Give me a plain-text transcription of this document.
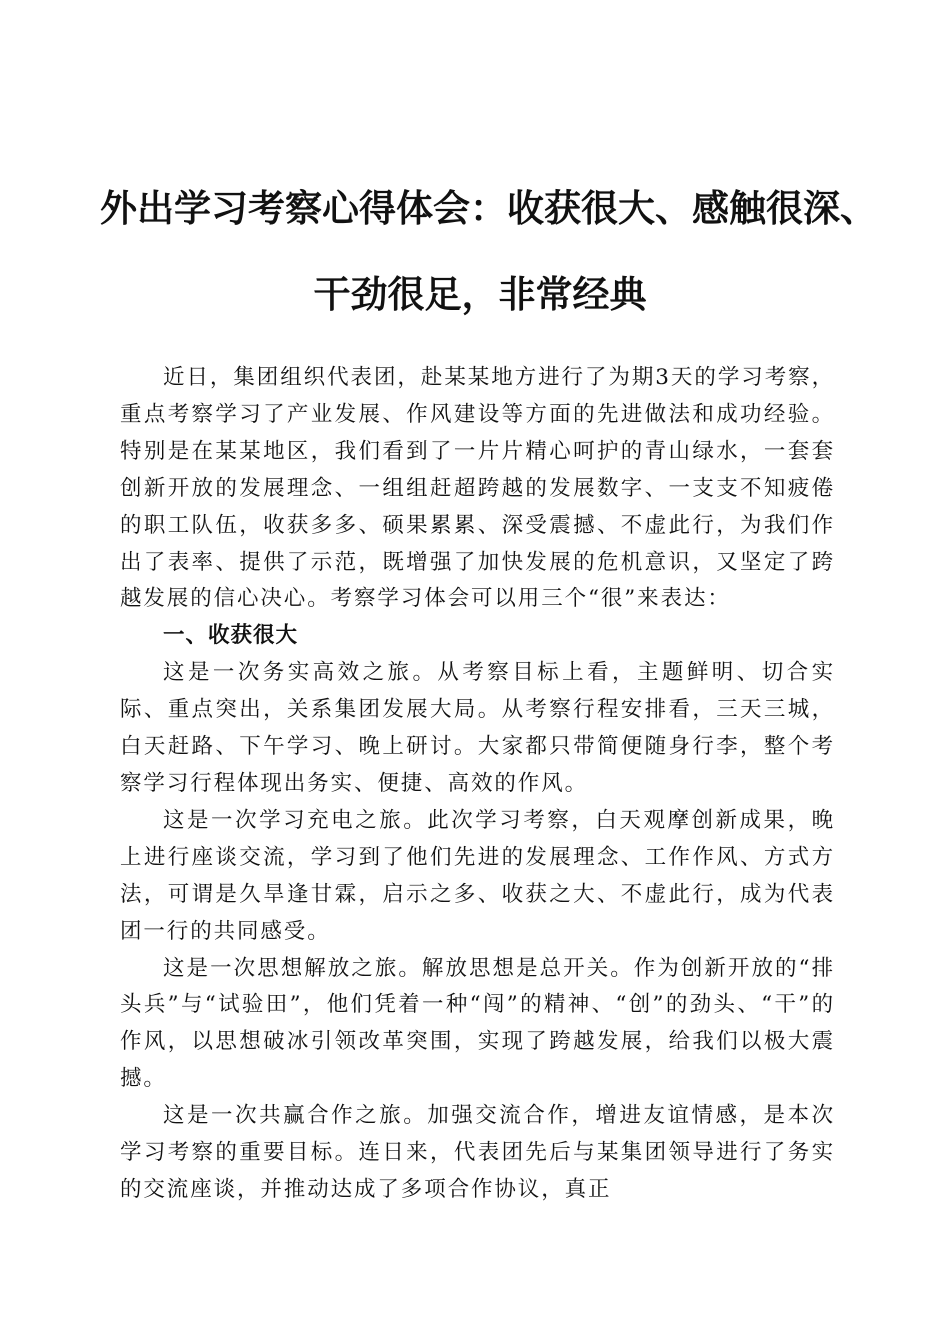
外出学习考察心得体会：收获很大、感触很深、
干劲很足，非常经典

近日，集团组织代表团，赴某某地方进行了为期3天的学习考察，重点考察学习了产业发展、作风建设等方面的先进做法和成功经验。特别是在某某地区，我们看到了一片片精心呵护的青山绿水，一套套创新开放的发展理念、一组组赶超跨越的发展数字、一支支不知疲倦的职工队伍，收获多多、硕果累累、深受震撼、不虚此行，为我们作出了表率、提供了示范，既增强了加快发展的危机意识，又坚定了跨越发展的信心决心。考察学习体会可以用三个“很”来表达：

一、收获很大

这是一次务实高效之旅。从考察目标上看，主题鲜明、切合实际、重点突出，关系集团发展大局。从考察行程安排看，三天三城，白天赶路、下午学习、晚上研讨。大家都只带简便随身行李，整个考察学习行程体现出务实、便捷、高效的作风。

这是一次学习充电之旅。此次学习考察，白天观摩创新成果，晚上进行座谈交流，学习到了他们先进的发展理念、工作作风、方式方法，可谓是久旱逢甘霖，启示之多、收获之大、不虚此行，成为代表团一行的共同感受。

这是一次思想解放之旅。解放思想是总开关。作为创新开放的“排头兵”与“试验田”，他们凭着一种“闯”的精神、“创”的劲头、“干”的作风，以思想破冰引领改革突围，实现了跨越发展，给我们以极大震撼。

这是一次共赢合作之旅。加强交流合作，增进友谊情感，是本次学习考察的重要目标。连日来，代表团先后与某集团领导进行了务实的交流座谈，并推动达成了多项合作协议，真正
